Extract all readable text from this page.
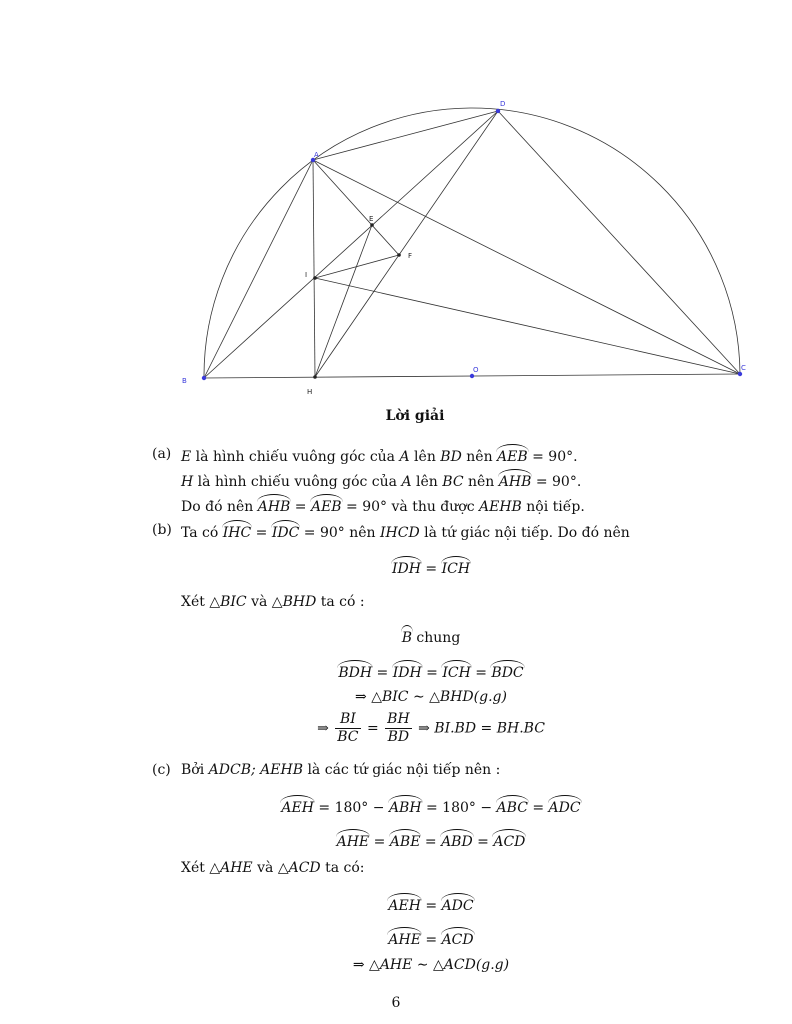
D
A
E
F
I
B
H
O	C
Lời giải
(a) E là hình chiếu vuông góc của A lên BD nên AEB = 90°.
H là hình chiếu vuông góc của A lên BC nên AHB = 90°.
Do đó nên AHB = AEB = 90° và thu được AEHB nội tiếp.
(b) Ta có IHC = IDC = 90° nên IHCD là tứ giác nội tiếp. Do đó nên
IDH = ICH
Xét △BIC và △BHD ta có :
B chung
BDH = IDH = ICH = BDC
⇒ △BIC ∼ △BHD(g.g)
⇒ $\frac{BI}{BC} = \frac{BH}{BD}$ ⇒ BI.BD = BH.BC
(c) Bởi ADCB; AEHB là các tứ giác nội tiếp nên :
AEH = 180° − ABH = 180° − ABC = ADC
AHE = ABE = ABD = ACD
Xét △AHE và △ACD ta có:
AEH = ADC
AHE = ACD
⇒ △AHE ∼ △ACD(g.g)
6
